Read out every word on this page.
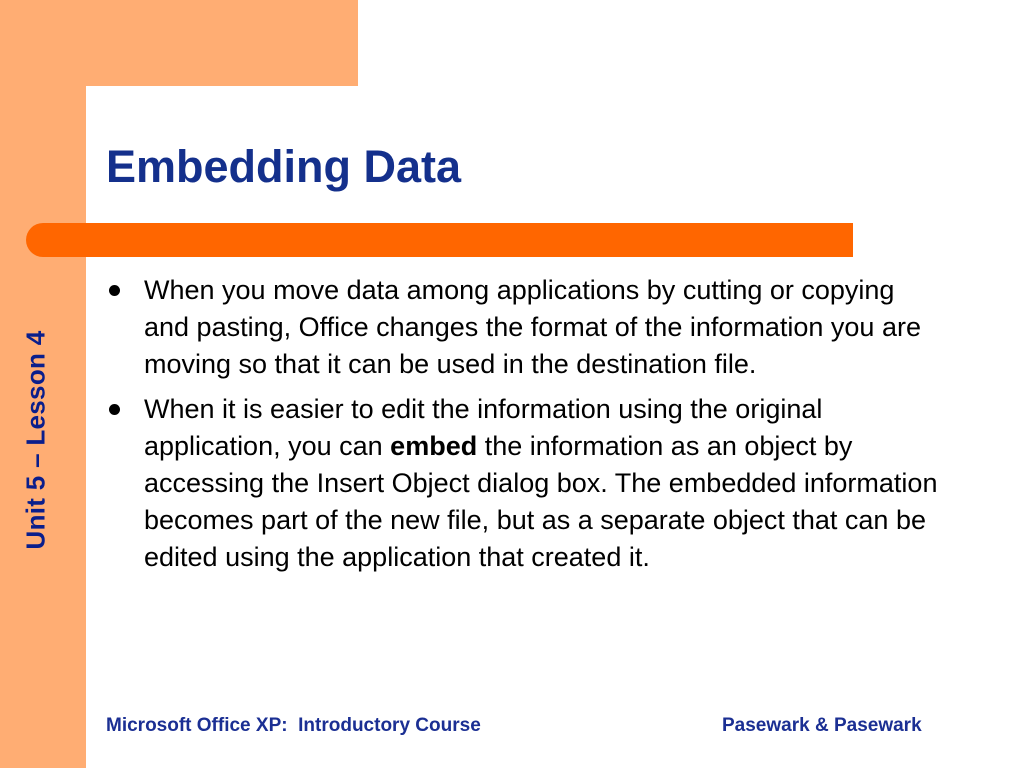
Unit 5 – Lesson 4
Embedding Data
When you move data among applications by cutting or copying and pasting, Office changes the format of the information you are moving so that it can be used in the destination file.
When it is easier to edit the information using the original application, you can embed the information as an object by accessing the Insert Object dialog box. The embedded information becomes part of the new file, but as a separate object that can be edited using the application that created it.
Microsoft Office XP:  Introductory Course	Pasewark & Pasewark
